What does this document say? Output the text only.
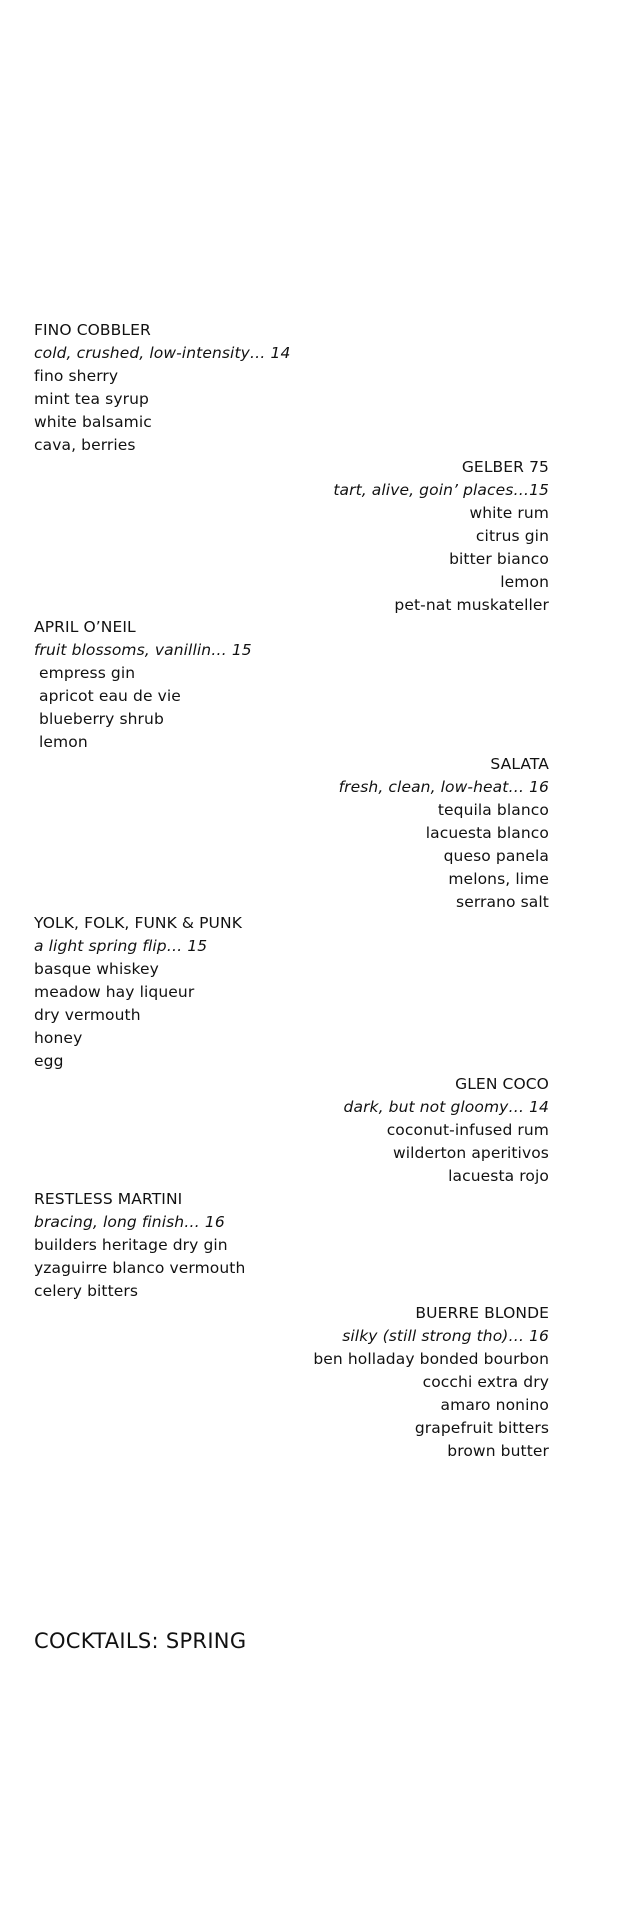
FINO COBBLER
cold, crushed, low-intensity… 14
fino sherry
mint tea syrup
white balsamic
cava, berries
GELBER 75
tart, alive, goin’ places…15
white rum
citrus gin
bitter bianco
lemon
pet-nat muskateller
APRIL O’NEIL
fruit blossoms, vanillin… 15
empress gin
apricot eau de vie
blueberry shrub
lemon
SALATA
fresh, clean, low-heat… 16
tequila blanco
lacuesta blanco
queso panela
melons, lime
serrano salt
YOLK, FOLK, FUNK & PUNK
a light spring flip… 15
basque whiskey
meadow hay liqueur
dry vermouth
honey
egg
GLEN COCO
dark, but not gloomy… 14
coconut-infused rum
wilderton aperitivos
lacuesta rojo
RESTLESS MARTINI
bracing, long finish… 16
builders heritage dry gin
yzaguirre blanco vermouth
celery bitters
BUERRE BLONDE
silky (still strong tho)… 16
ben holladay bonded bourbon
cocchi extra dry
amaro nonino
grapefruit bitters
brown butter
COCKTAILS: SPRING
